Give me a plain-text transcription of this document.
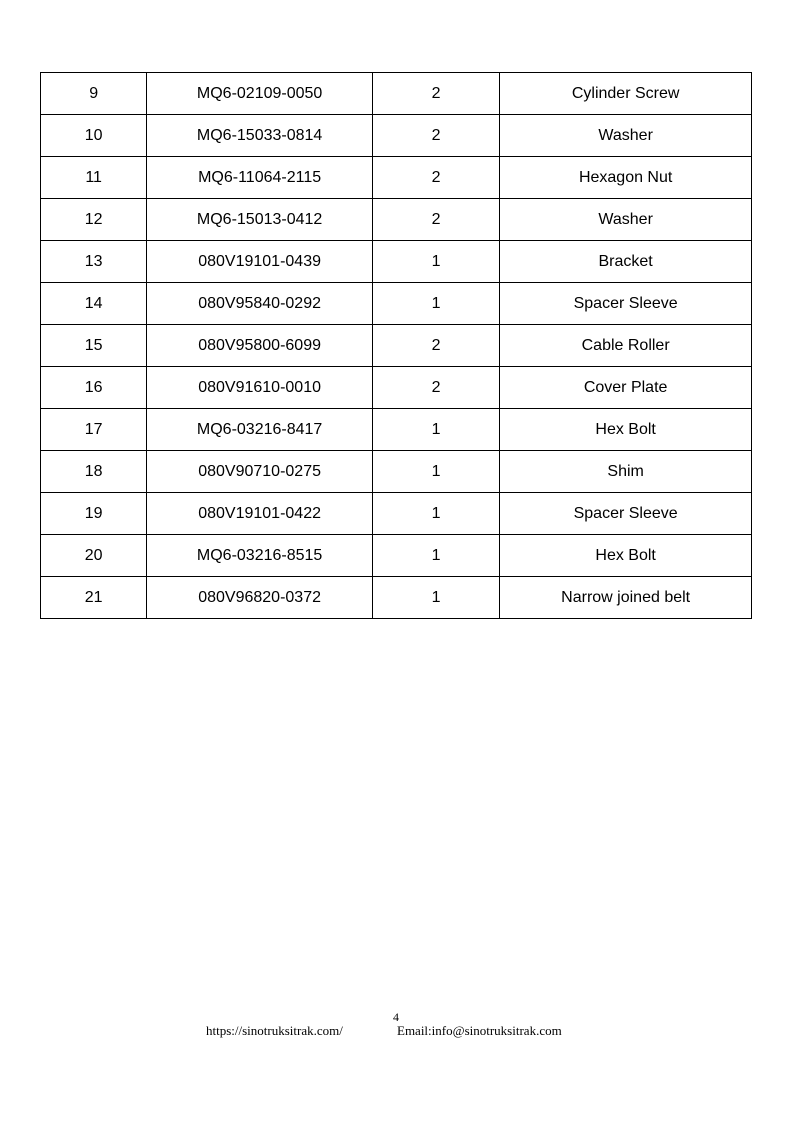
9	MQ6-02109-0050	2	Cylinder Screw
10	MQ6-15033-0814	2	Washer
11	MQ6-11064-2115	2	Hexagon Nut
12	MQ6-15013-0412	2	Washer
13	080V19101-0439	1	Bracket
14	080V95840-0292	1	Spacer Sleeve
15	080V95800-6099	2	Cable Roller
16	080V91610-0010	2	Cover Plate
17	MQ6-03216-8417	1	Hex Bolt
18	080V90710-0275	1	Shim
19	080V19101-0422	1	Spacer Sleeve
20	MQ6-03216-8515	1	Hex Bolt
21	080V96820-0372	1	Narrow joined belt
4
https://sinotruksitrak.com/	Email:info@sinotruksitrak.com
